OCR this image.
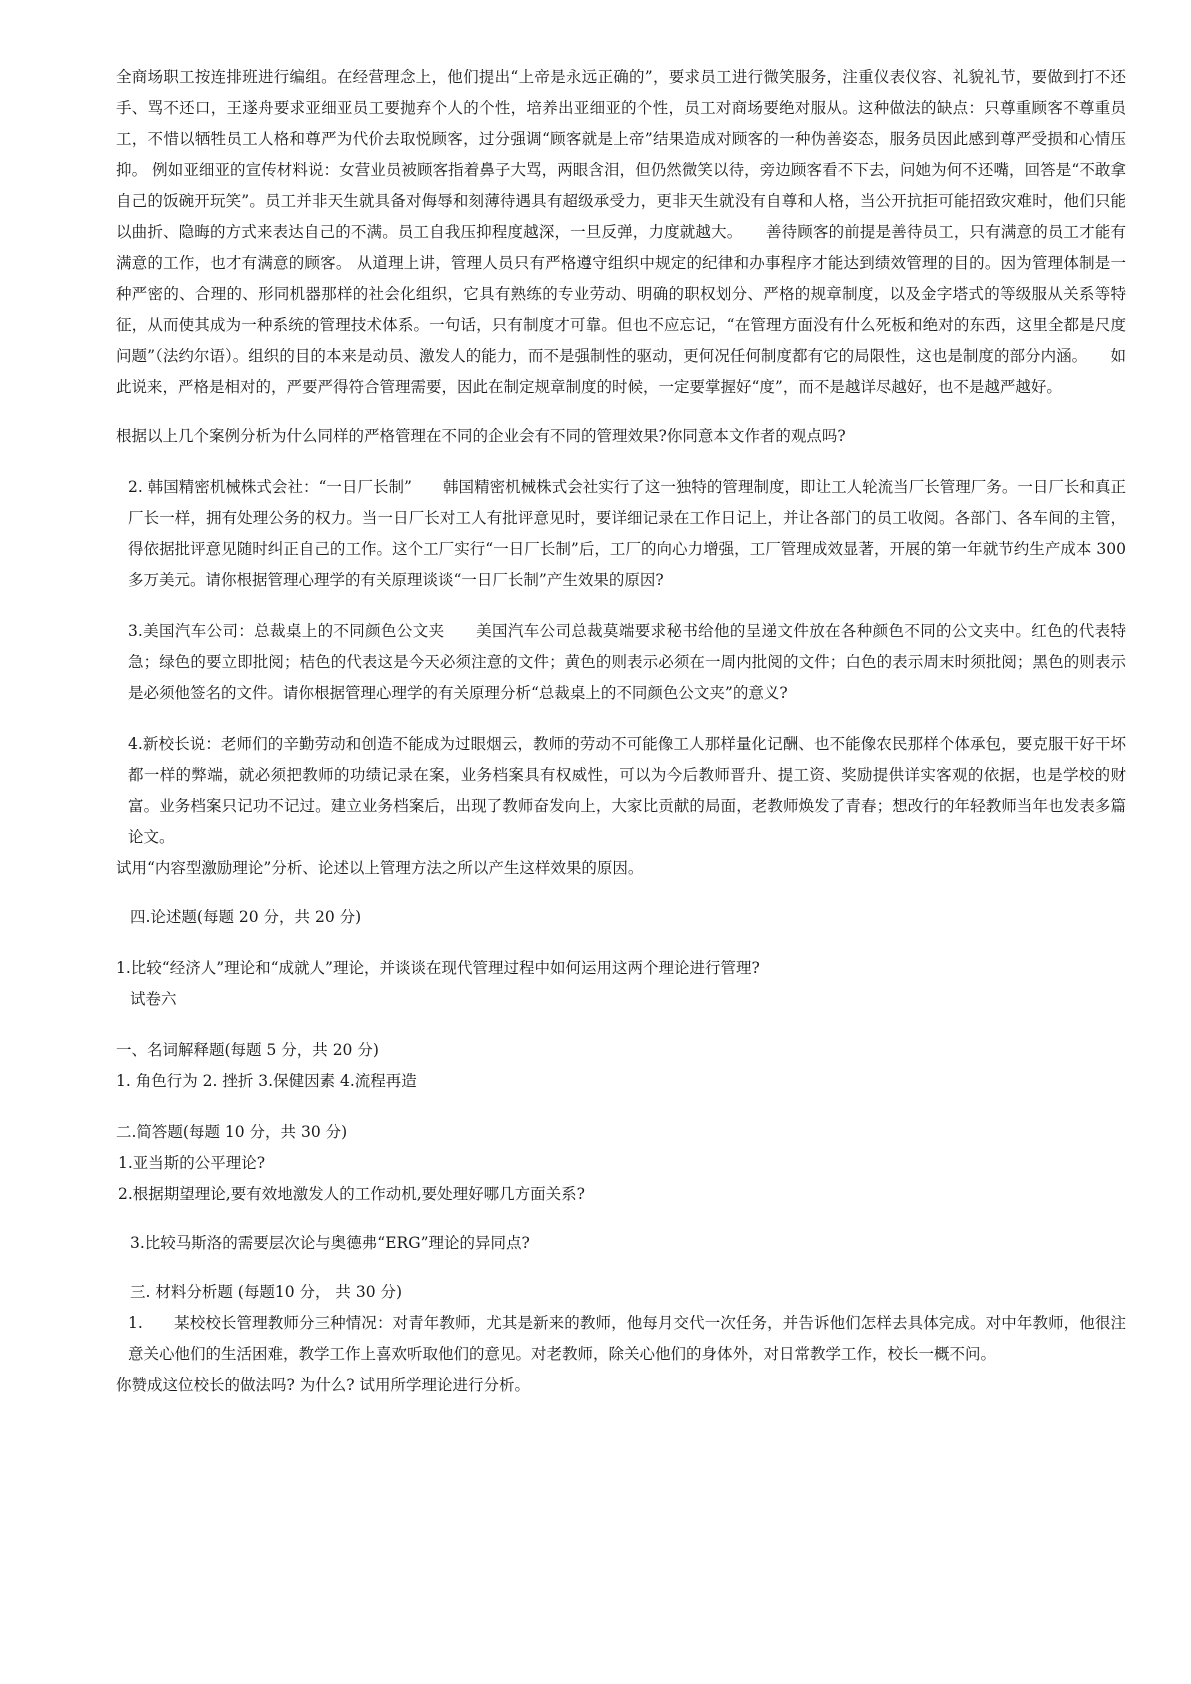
全商场职工按连排班进行编组。在经营理念上，他们提出“上帝是永远正确的”，要求员工进行微笑服务，注重仪表仪容、礼貌礼节，要做到打不还手、骂不还口，王遂舟要求亚细亚员工要抛弃个人的个性，培养出亚细亚的个性，员工对商场要绝对服从。这种做法的缺点：只尊重顾客不尊重员工，不惜以牺牲员工人格和尊严为代价去取悦顾客，过分强调“顾客就是上帝”结果造成对顾客的一种伪善姿态，服务员因此感到尊严受损和心情压抑。 例如亚细亚的宣传材料说：女营业员被顾客指着鼻子大骂，两眼含泪，但仍然微笑以待，旁边顾客看不下去，问她为何不还嘴，回答是“不敢拿自己的饭碗开玩笑”。员工并非天生就具备对侮辱和刻薄待遇具有超级承受力，更非天生就没有自尊和人格，当公开抗拒可能招致灾难时，他们只能以曲折、隐晦的方式来表达自己的不满。员工自我压抑程度越深，一旦反弹，力度就越大。　　善待顾客的前提是善待员工，只有满意的员工才能有满意的工作，也才有满意的顾客。 从道理上讲，管理人员只有严格遵守组织中规定的纪律和办事程序才能达到绩效管理的目的。因为管理体制是一种严密的、合理的、形同机器那样的社会化组织，它具有熟练的专业劳动、明确的职权划分、严格的规章制度，以及金字塔式的等级服从关系等特征，从而使其成为一种系统的管理技术体系。一句话，只有制度才可靠。但也不应忘记，“在管理方面没有什么死板和绝对的东西，这里全都是尺度问题”（法约尔语）。组织的目的本来是动员、激发人的能力，而不是强制性的驱动，更何况任何制度都有它的局限性，这也是制度的部分内涵。　　如此说来，严格是相对的，严要严得符合管理需要，因此在制定规章制度的时候，一定要掌握好“度”，而不是越详尽越好，也不是越严越好。

根据以上几个案例分析为什么同样的严格管理在不同的企业会有不同的管理效果?你同意本文作者的观点吗?

2. 韩国精密机械株式会社：“一日厂长制”　　韩国精密机械株式会社实行了这一独特的管理制度，即让工人轮流当厂长管理厂务。一日厂长和真正厂长一样，拥有处理公务的权力。当一日厂长对工人有批评意见时，要详细记录在工作日记上，并让各部门的员工收阅。各部门、各车间的主管，得依据批评意见随时纠正自己的工作。这个工厂实行“一日厂长制”后，工厂的向心力增强，工厂管理成效显著，开展的第一年就节约生产成本 300 多万美元。请你根据管理心理学的有关原理谈谈“一日厂长制”产生效果的原因?

3.美国汽车公司：总裁桌上的不同颜色公文夹　　美国汽车公司总裁莫端要求秘书给他的呈递文件放在各种颜色不同的公文夹中。红色的代表特急；绿色的要立即批阅；桔色的代表这是今天必须注意的文件；黄色的则表示必须在一周内批阅的文件；白色的表示周末时须批阅；黑色的则表示是必须他签名的文件。请你根据管理心理学的有关原理分析“总裁桌上的不同颜色公文夹”的意义?

4.新校长说：老师们的辛勤劳动和创造不能成为过眼烟云，教师的劳动不可能像工人那样量化记酬、也不能像农民那样个体承包，要克服干好干坏都一样的弊端，就必须把教师的功绩记录在案，业务档案具有权威性，可以为今后教师晋升、提工资、奖励提供详实客观的依据，也是学校的财富。业务档案只记功不记过。建立业务档案后，出现了教师奋发向上，大家比贡献的局面，老教师焕发了青春；想改行的年轻教师当年也发表多篇论文。

试用“内容型激励理论”分析、论述以上管理方法之所以产生这样效果的原因。

四.论述题(每题 20 分，共 20 分)

1.比较“经济人”理论和“成就人”理论，并谈谈在现代管理过程中如何运用这两个理论进行管理?

试卷六

一、名词解释题(每题 5 分，共 20 分)

1. 角色行为 2. 挫折 3.保健因素 4.流程再造

二.简答题(每题 10 分，共 30 分)

1.亚当斯的公平理论?

2.根据期望理论,要有效地激发人的工作动机,要处理好哪几方面关系?

3.比较马斯洛的需要层次论与奥德弗“ERG”理论的异同点?

三. 材料分析题 (每题10 分， 共 30 分)

1.　　某校校长管理教师分三种情况：对青年教师，尤其是新来的教师，他每月交代一次任务，并告诉他们怎样去具体完成。对中年教师，他很注意关心他们的生活困难，教学工作上喜欢听取他们的意见。对老教师，除关心他们的身体外，对日常教学工作，校长一概不问。

你赞成这位校长的做法吗? 为什么? 试用所学理论进行分析。
